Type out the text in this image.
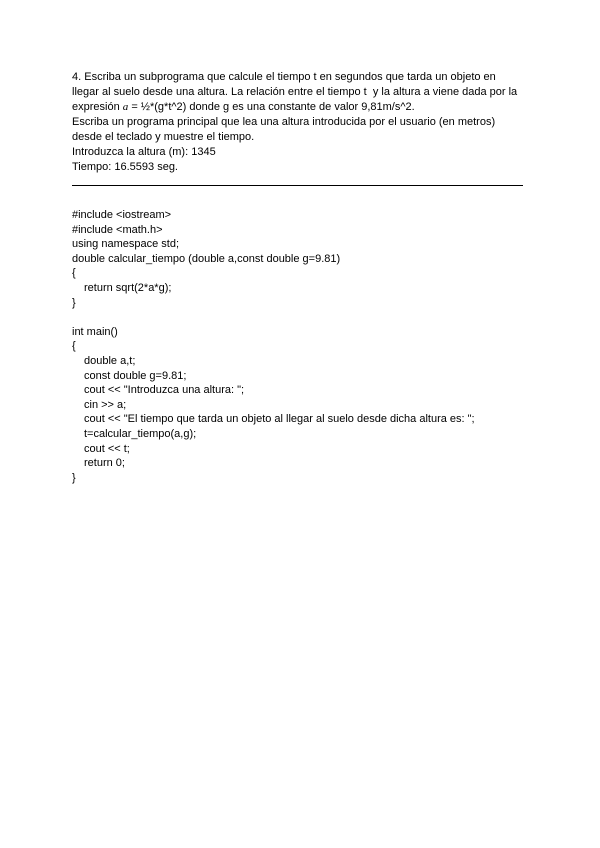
4. Escriba un subprograma que calcule el tiempo t en segundos que tarda un objeto en
llegar al suelo desde una altura. La relación entre el tiempo t  y la altura a viene dada por la
expresión a = ½*(g*t^2) donde g es una constante de valor 9,81m/s^2.
Escriba un programa principal que lea una altura introducida por el usuario (en metros)
desde el teclado y muestre el tiempo.
Introduzca la altura (m): 1345
Tiempo: 16.5593 seg.
#include <iostream>
#include <math.h>
using namespace std;
double calcular_tiempo (double a,const double g=9.81)
{
return sqrt(2*a*g);
}
int main()
{
double a,t;
const double g=9.81;
cout << "Introduzca una altura: ";
cin >> a;
cout << "El tiempo que tarda un objeto al llegar al suelo desde dicha altura es: ";
t=calcular_tiempo(a,g);
cout << t;
return 0;
}
